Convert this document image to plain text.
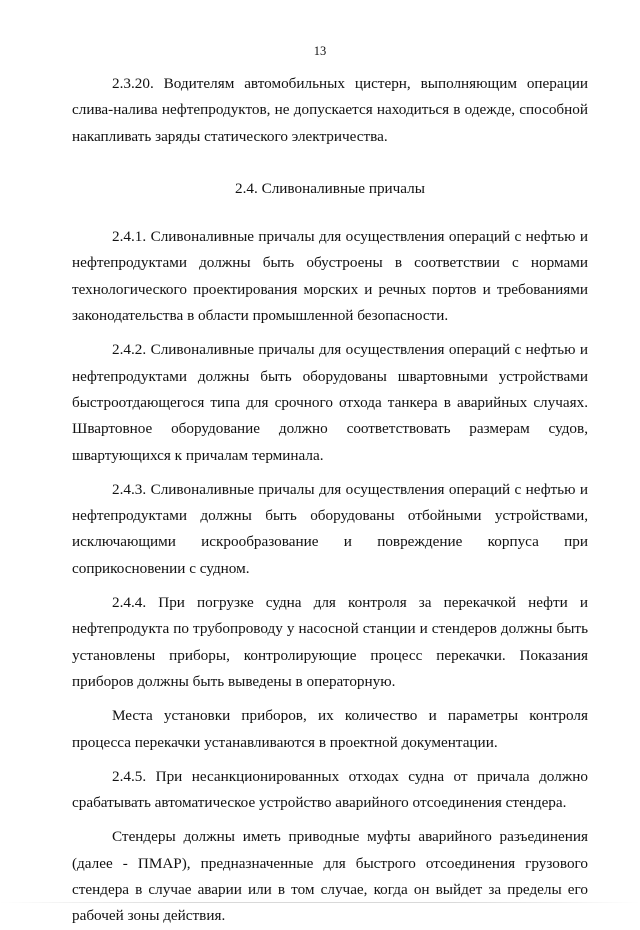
13

2.3.20. Водителям автомобильных цистерн, выполняющим операции слива-налива нефтепродуктов, не допускается находиться в одежде, способной накапливать заряды статического электричества.

2.4. Сливоналивные причалы

2.4.1. Сливоналивные причалы для осуществления операций с нефтью и нефтепродуктами должны быть обустроены в соответствии с нормами технологического проектирования морских и речных портов и требованиями законодательства в области промышленной безопасности.

2.4.2. Сливоналивные причалы для осуществления операций с нефтью и нефтепродуктами должны быть оборудованы швартовными устройствами быстроотдающегося типа для срочного отхода танкера в аварийных случаях. Швартовное оборудование должно соответствовать размерам судов, швартующихся к причалам терминала.

2.4.3. Сливоналивные причалы для осуществления операций с нефтью и нефтепродуктами должны быть оборудованы отбойными устройствами, исключающими искрообразование и повреждение корпуса при соприкосновении с судном.

2.4.4. При погрузке судна для контроля за перекачкой нефти и нефтепродукта по трубопроводу у насосной станции и стендеров должны быть установлены приборы, контролирующие процесс перекачки. Показания приборов должны быть выведены в операторную.

Места установки приборов, их количество и параметры контроля процесса перекачки устанавливаются в проектной документации.

2.4.5. При несанкционированных отходах судна от причала должно срабатывать автоматическое устройство аварийного отсоединения стендера.

Стендеры должны иметь приводные муфты аварийного разъединения (далее - ПМАР), предназначенные для быстрого отсоединения грузового стендера в случае аварии или в том случае, когда он выйдет за пределы его рабочей зоны действия.
